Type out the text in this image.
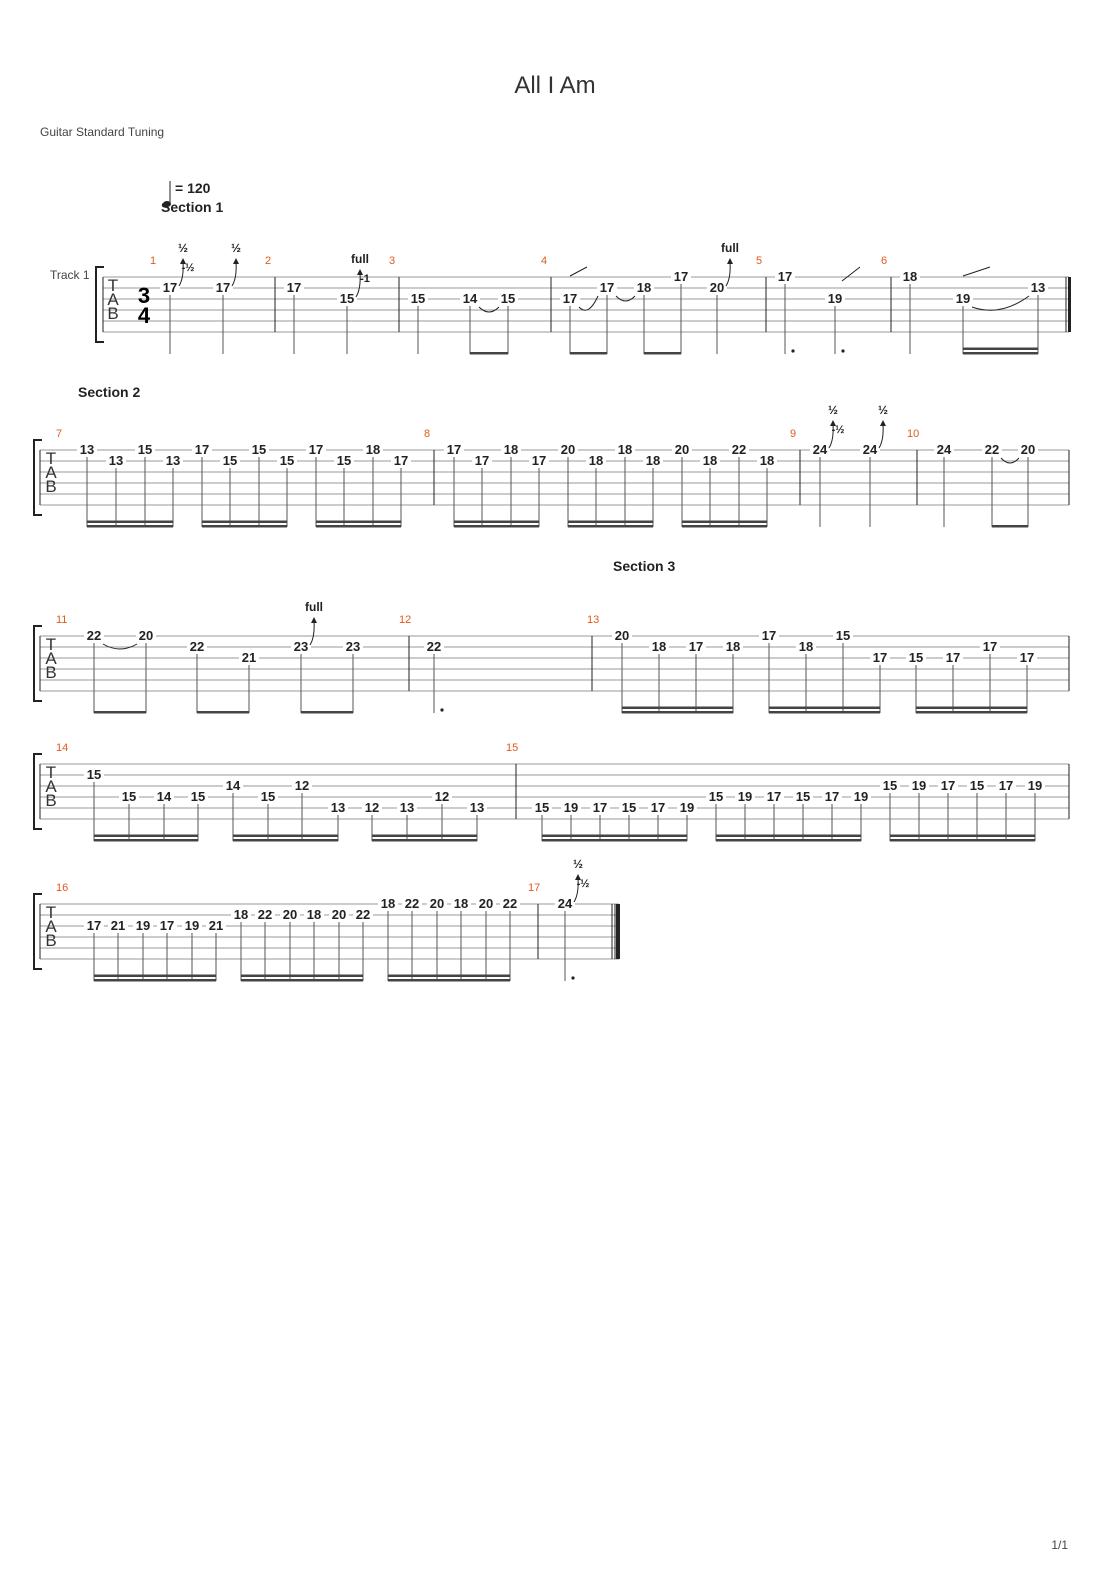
All I Am
Guitar Standard Tuning
1/1
T
A
B
Track 1
3
4
1
17
½
-½
17
½
2
17
15
full
-1
3
15	14 15
4
17
17 18
17
20
full
5
17
19
6
18
19
13
T
A
B
7
13
13
15
13
17
15
15
15
17
15
18
17
8
17
17
18
17
20
18
18
18
20
18
22
18
9
24
½
-½
24
½
10
24	22 20
T
A
B
11
22	20
22
21
23
full
23
12
22
13
20
18 17 18
17
18
15
17 15 17
17
17
T
A
B
14
15
15 14 15
14
15
12
13 12 13
12
13
15
15 19 17 15 17 19
15 19 17 15 17 19
15 19 17 15 17 19
T
A
B
16
17 21 19 17 19 21
18 22 20 18 20 22
18 22 20 18 20 22
17
24
½
-½
= 120
Section 1
Section 2
Section 3
